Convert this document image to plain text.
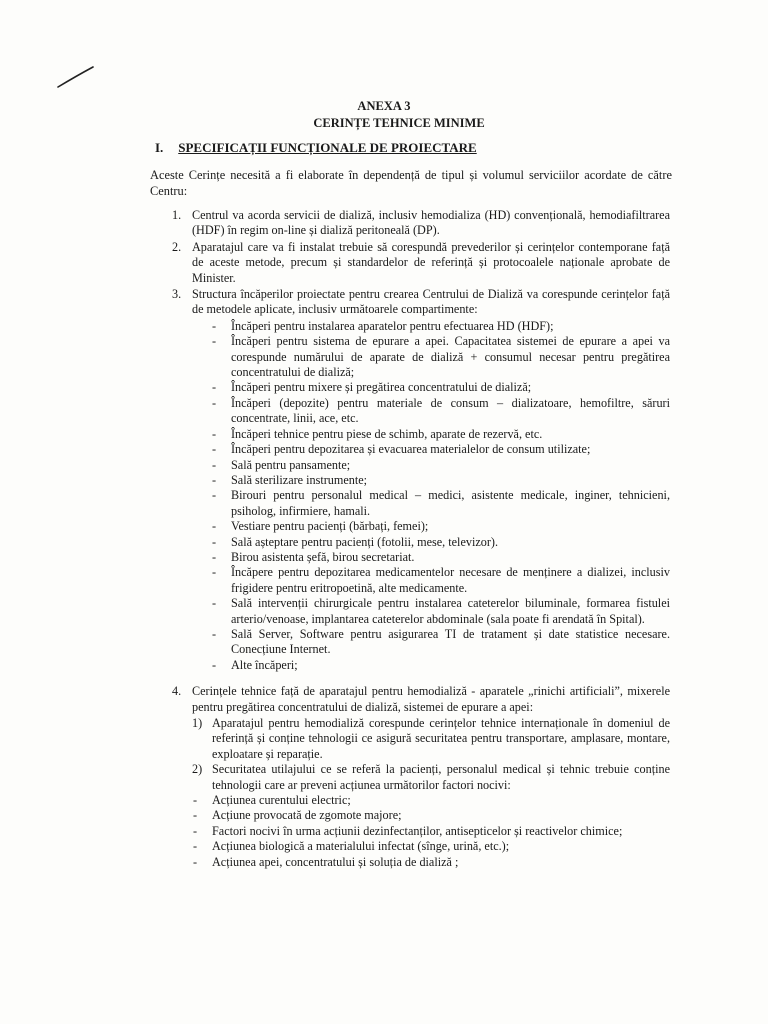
ANEXA 3
CERINȚE TEHNICE MINIME
I. SPECIFICAȚII FUNCȚIONALE DE PROIECTARE
Aceste Cerințe necesită a fi elaborate în dependență de tipul și volumul serviciilor acordate de către Centru:
1. Centrul va acorda servicii de dializă, inclusiv hemodializa (HD) convențională, hemodiafiltrarea (HDF) în regim on-line și dializă peritoneală (DP).
2. Aparatajul care va fi instalat trebuie să corespundă prevederilor și cerințelor contemporane față de aceste metode, precum și standardelor de referință și protocoalele naționale aprobate de Minister.
3. Structura încăperilor proiectate pentru crearea Centrului de Dializă va corespunde cerințelor față de metodele aplicate, inclusiv următoarele compartimente:
- Încăperi pentru instalarea aparatelor pentru efectuarea HD (HDF);
- Încăperi pentru sistema de epurare a apei. Capacitatea sistemei de epurare a apei va corespunde numărului de aparate de dializă + consumul necesar pentru pregătirea concentratului de dializă;
- Încăperi pentru mixere și pregătirea concentratului de dializă;
- Încăperi (depozite) pentru materiale de consum – dializatoare, hemofiltre, săruri concentrate, linii, ace, etc.
- Încăperi tehnice pentru piese de schimb, aparate de rezervă, etc.
- Încăperi pentru depozitarea și evacuarea materialelor de consum utilizate;
- Sală pentru pansamente;
- Sală sterilizare instrumente;
- Birouri pentru personalul medical – medici, asistente medicale, inginer, tehnicieni, psiholog, infirmiere, hamali.
- Vestiare pentru pacienți (bărbați, femei);
- Sală așteptare pentru pacienți (fotolii, mese, televizor).
- Birou asistenta șefă, birou secretariat.
- Încăpere pentru depozitarea medicamentelor necesare de menținere a dializei, inclusiv frigidere pentru eritropoetină, alte medicamente.
- Sală intervenții chirurgicale pentru instalarea cateterelor biluminale, formarea fistulei arterio/venoase, implantarea cateterelor abdominale (sala poate fi arendată în Spital).
- Sală Server, Software pentru asigurarea TI de tratament și date statistice necesare. Conecțiune Internet.
- Alte încăperi;
4. Cerințele tehnice față de aparatajul pentru hemodializă - aparatele „rinichi artificiali”, mixerele pentru pregătirea concentratului de dializă, sistemei de epurare a apei:
1) Aparatajul pentru hemodializă corespunde cerințelor tehnice internaționale în domeniul de referință și conține tehnologii ce asigură securitatea pentru transportare, amplasare, montare, exploatare și reparație.
2) Securitatea utilajului ce se referă la pacienți, personalul medical și tehnic trebuie conține tehnologii care ar preveni acțiunea următorilor factori nocivi:
- Acțiunea curentului electric;
- Acțiune provocată de zgomote majore;
- Factori nocivi în urma acțiunii dezinfectanților, antisepticelor și reactivelor chimice;
- Acțiunea biologică a materialului infectat (sînge, urină, etc.);
- Acțiunea apei, concentratului și soluția de dializă ;
